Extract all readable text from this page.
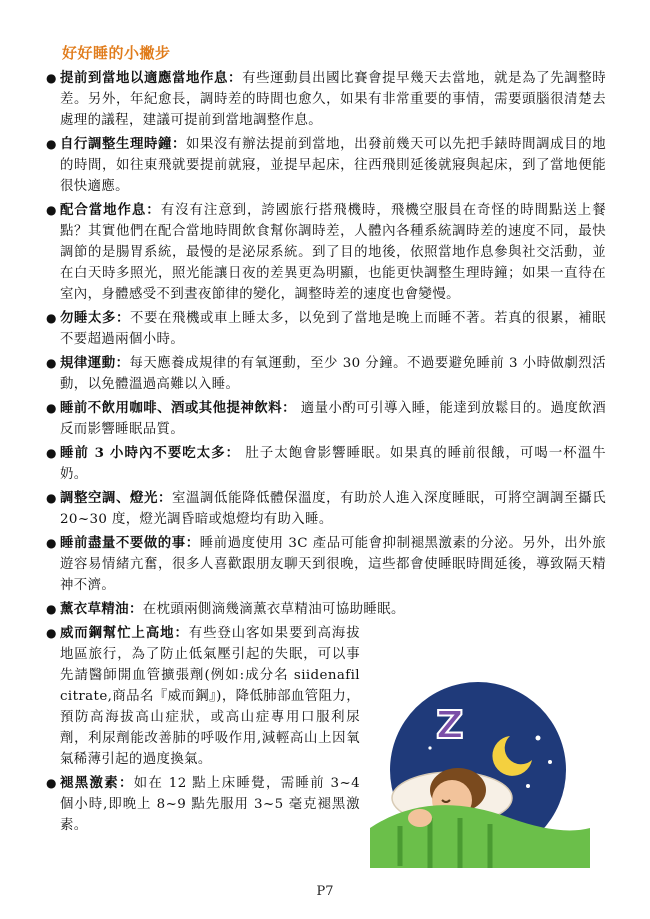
好好睡的小撇步
● 提前到當地以適應當地作息：有些運動員出國比賽會提早幾天去當地，就是為了先調整時差。另外，年紀愈長，調時差的時間也愈久，如果有非常重要的事情，需要頭腦很清楚去處理的議程，建議可提前到當地調整作息。
● 自行調整生理時鐘：如果沒有辦法提前到當地，出發前幾天可以先把手錶時間調成目的地的時間，如往東飛就要提前就寢，並提早起床，往西飛則延後就寢與起床，到了當地便能很快適應。
● 配合當地作息：有沒有注意到，誇國旅行搭飛機時，飛機空服員在奇怪的時間點送上餐點？其實他們在配合當地時間飲食幫你調時差，人體內各種系統調時差的速度不同，最快調節的是腸胃系統，最慢的是泌尿系統。到了目的地後，依照當地作息參與社交活動，並在白天時多照光，照光能讓日夜的差異更為明顯，也能更快調整生理時鐘；如果一直待在室內，身體感受不到晝夜節律的變化，調整時差的速度也會變慢。
● 勿睡太多：不要在飛機或車上睡太多，以免到了當地是晚上而睡不著。若真的很累，補眠不要超過兩個小時。
● 規律運動：每天應養成規律的有氧運動，至少 30 分鐘。不過要避免睡前 3 小時做劇烈活動，以免體溫過高難以入睡。
● 睡前不飲用咖啡、酒或其他提神飲料： 適量小酌可引導入睡，能達到放鬆目的。過度飲酒反而影響睡眠品質。
● 睡前 3 小時內不要吃太多： 肚子太飽會影響睡眠。如果真的睡前很餓，可喝一杯溫牛奶。
● 調整空調、燈光：室溫調低能降低體保溫度，有助於人進入深度睡眠，可將空調調至攝氏 20~30 度，燈光調昏暗或熄燈均有助入睡。
● 睡前盡量不要做的事：睡前過度使用 3C 產品可能會抑制褪黑激素的分泌。另外，出外旅遊容易情緒亢奮，很多人喜歡跟朋友聊天到很晚，這些都會使睡眠時間延後，導致隔天精神不濟。
● 薰衣草精油：在枕頭兩側滴幾滴薰衣草精油可協助睡眠。
● 威而鋼幫忙上高地：有些登山客如果要到高海拔地區旅行，為了防止低氣壓引起的失眠，可以事先請醫師開血管擴張劑(例如:成分名 siidenafil citrate,商品名『威而鋼』)，降低肺部血管阻力，預防高海拔高山症狀，或高山症專用口服利尿劑，利尿劑能改善肺的呼吸作用,減輕高山上因氧氣稀薄引起的過度換氣。
● 褪黑激素：如在 12 點上床睡覺，需睡前 3~4 個小時,即晚上 8~9 點先服用 3~5 毫克褪黑激素。
Z
P7
